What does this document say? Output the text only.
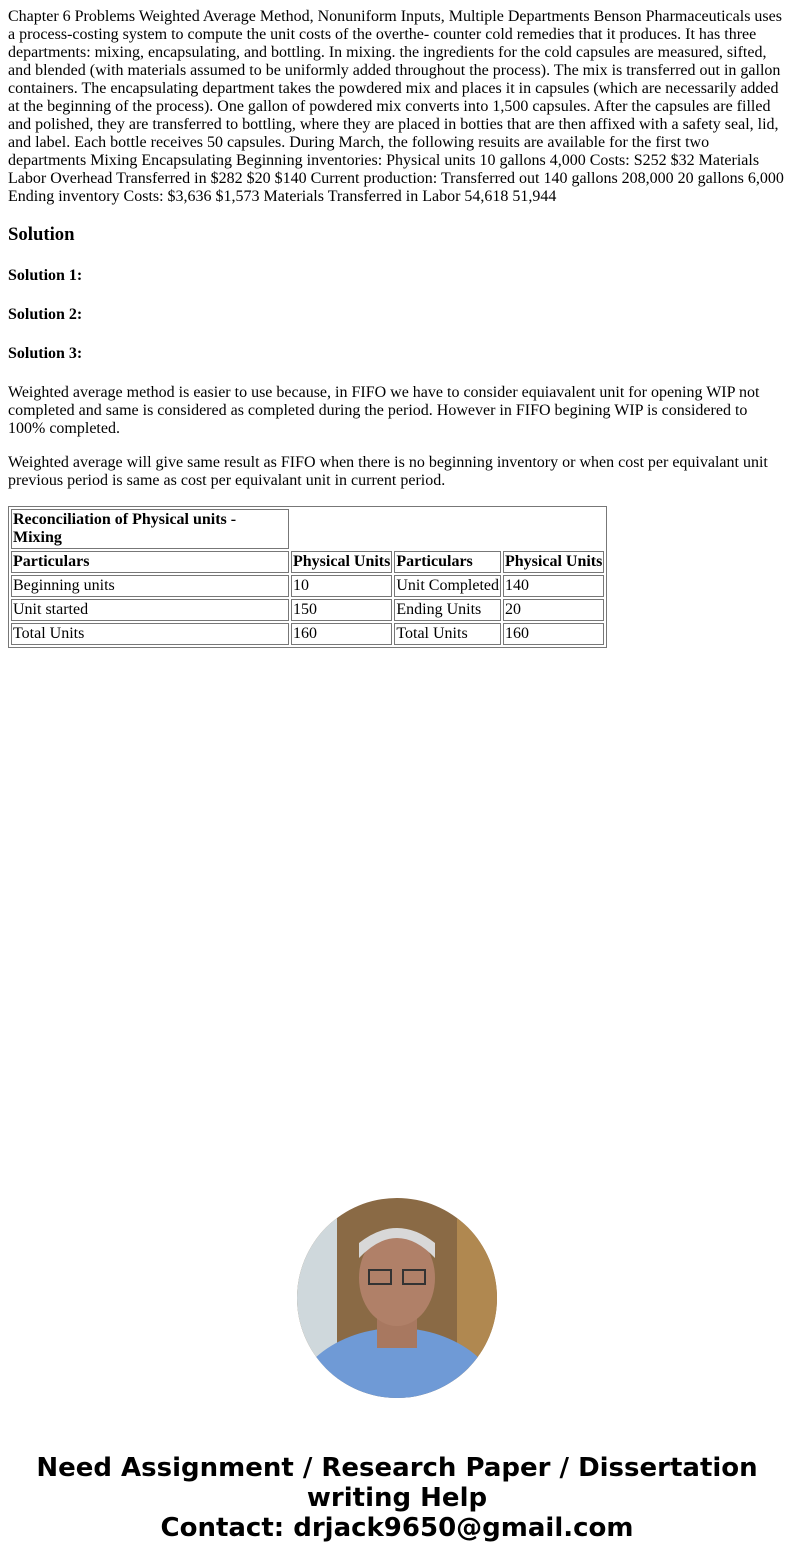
Chapter 6 Problems Weighted Average Method, Nonuniform Inputs, Multiple Departments Benson Pharmaceuticals uses a process-costing system to compute the unit costs of the overthe- counter cold remedies that it produces. It has three departments: mixing, encapsulating, and bottling. In mixing. the ingredients for the cold capsules are measured, sifted, and blended (with materials assumed to be uniformly added throughout the process). The mix is transferred out in gallon containers. The encapsulating department takes the powdered mix and places it in capsules (which are necessarily added at the beginning of the process). One gallon of powdered mix converts into 1,500 capsules. After the capsules are filled and polished, they are transferred to bottling, where they are placed in botties that are then affixed with a safety seal, lid, and label. Each bottle receives 50 capsules. During March, the following resuits are available for the first two departments Mixing Encapsulating Beginning inventories: Physical units 10 gallons 4,000 Costs: S252 $32 Materials Labor Overhead Transferred in $282 $20 $140 Current production: Transferred out 140 gallons 208,000 20 gallons 6,000 Ending inventory Costs: $3,636 $1,573 Materials Transferred in Labor 54,618 51,944

Solution
Solution 1:
Solution 2:
Solution 3:

Weighted average method is easier to use because, in FIFO we have to consider equiavalent unit for opening WIP not completed and same is considered as completed during the period. However in FIFO begining WIP is considered to 100% completed.

Weighted average will give same result as FIFO when there is no beginning inventory or when cost per equivalant unit previous period is same as cost per equivalant unit in current period.

Reconciliation of Physical units - Mixing			
Particulars	Physical Units	Particulars	Physical Units
Beginning units	10	Unit Completed	140
Unit started	150	Ending Units	20
Total Units	160	Total Units	160
Need Assignment / Research Paper / Dissertation writing Help
Contact: drjack9650@gmail.com
